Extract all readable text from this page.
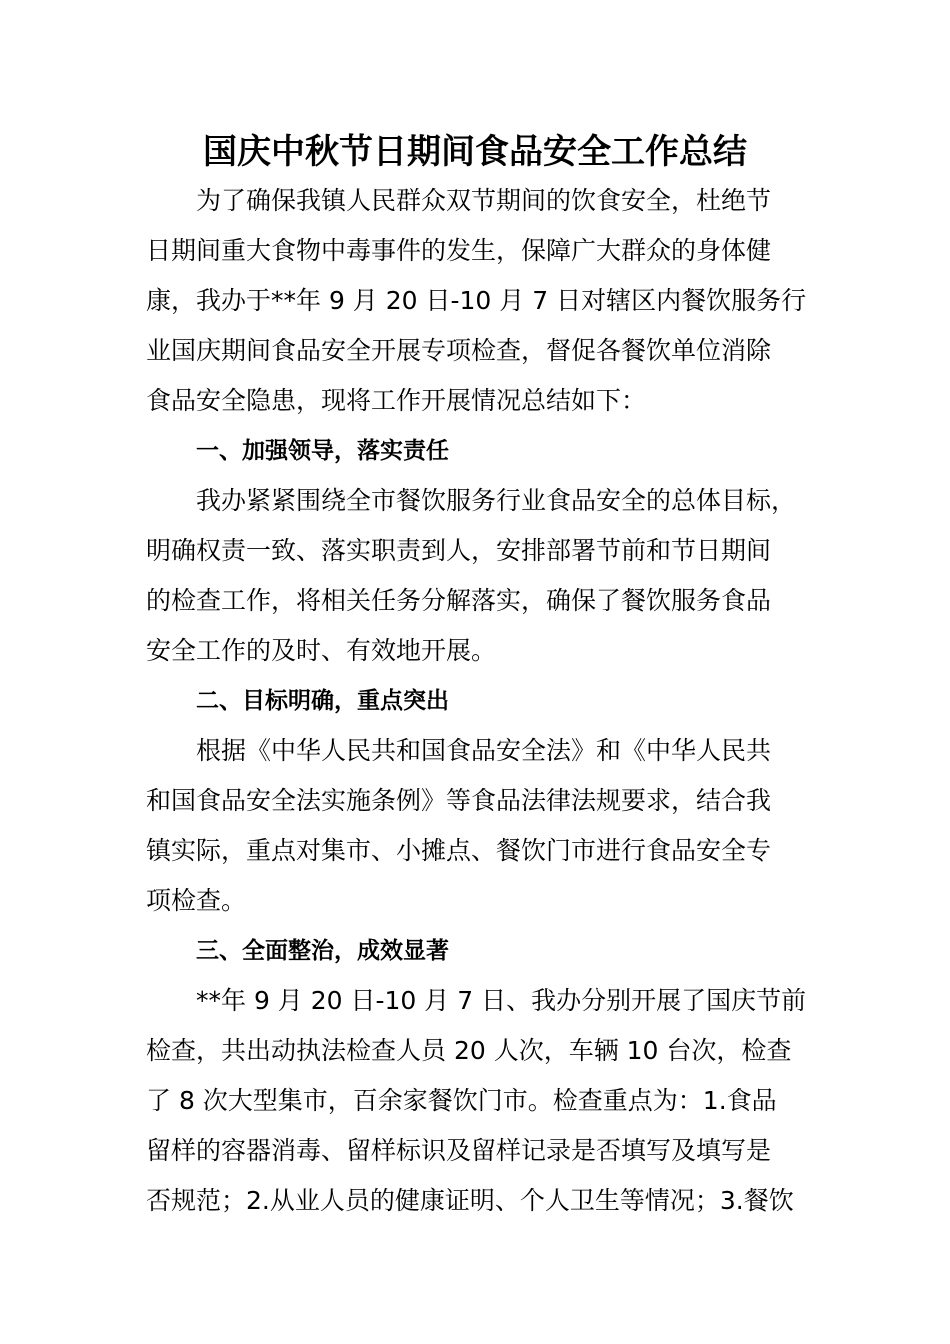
国庆中秋节日期间食品安全工作总结
为了确保我镇人民群众双节期间的饮食安全，杜绝节
日期间重大食物中毒事件的发生，保障广大群众的身体健
康，我办于**年 9 月 20 日-10 月 7 日对辖区内餐饮服务行
业国庆期间食品安全开展专项检查，督促各餐饮单位消除
食品安全隐患，现将工作开展情况总结如下：
一、加强领导，落实责任
我办紧紧围绕全市餐饮服务行业食品安全的总体目标，
明确权责一致、落实职责到人，安排部署节前和节日期间
的检查工作，将相关任务分解落实，确保了餐饮服务食品
安全工作的及时、有效地开展。
二、目标明确，重点突出
根据《中华人民共和国食品安全法》和《中华人民共
和国食品安全法实施条例》等食品法律法规要求，结合我
镇实际，重点对集市、小摊点、餐饮门市进行食品安全专
项检查。
三、全面整治，成效显著
**年 9 月 20 日-10 月 7 日、我办分别开展了国庆节前
检查，共出动执法检查人员 20 人次，车辆 10 台次，检查
了 8 次大型集市，百余家餐饮门市。检查重点为：1.食品
留样的容器消毒、留样标识及留样记录是否填写及填写是
否规范；2.从业人员的健康证明、个人卫生等情况；3.餐饮
